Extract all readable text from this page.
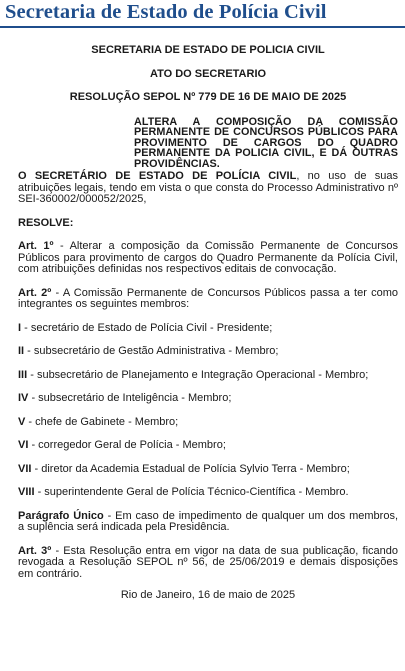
Secretaria de Estado de Polícia Civil
SECRETARIA DE ESTADO DE POLICIA CIVIL
ATO DO SECRETARIO
RESOLUÇÃO SEPOL Nº 779 DE 16 DE MAIO DE 2025
ALTERA A COMPOSIÇÃO DA COMISSÃO PERMANENTE DE CONCURSOS PÚBLICOS PARA PROVIMENTO DE CARGOS DO QUADRO PERMANENTE DA POLICIA CIVIL, E DÁ OUTRAS PROVIDÊNCIAS.

O SECRETÁRIO DE ESTADO DE POLÍCIA CIVIL, no uso de suas atribuições legais, tendo em vista o que consta do Processo Administrativo nº SEI-360002/000052/2025,

RESOLVE:

Art. 1º - Alterar a composição da Comissão Permanente de Concursos Públicos para provimento de cargos do Quadro Permanente da Polícia Civil, com atribuições definidas nos respectivos editais de convocação.

Art. 2º - A Comissão Permanente de Concursos Públicos passa a ter como integrantes os seguintes membros:

I - secretário de Estado de Polícia Civil - Presidente;

II - subsecretário de Gestão Administrativa - Membro;

III - subsecretário de Planejamento e Integração Operacional - Membro;

IV - subsecretário de Inteligência - Membro;

V - chefe de Gabinete - Membro;

VI - corregedor Geral de Polícia - Membro;

VII - diretor da Academia Estadual de Polícia Sylvio Terra - Membro;

VIII - superintendente Geral de Polícia Técnico-Científica - Membro.

Parágrafo Único - Em caso de impedimento de qualquer um dos membros, a suplência será indicada pela Presidência.

Art. 3º - Esta Resolução entra em vigor na data de sua publicação, ficando revogada a Resolução SEPOL nº 56, de 25/06/2019 e demais disposições em contrário.

Rio de Janeiro, 16 de maio de 2025
